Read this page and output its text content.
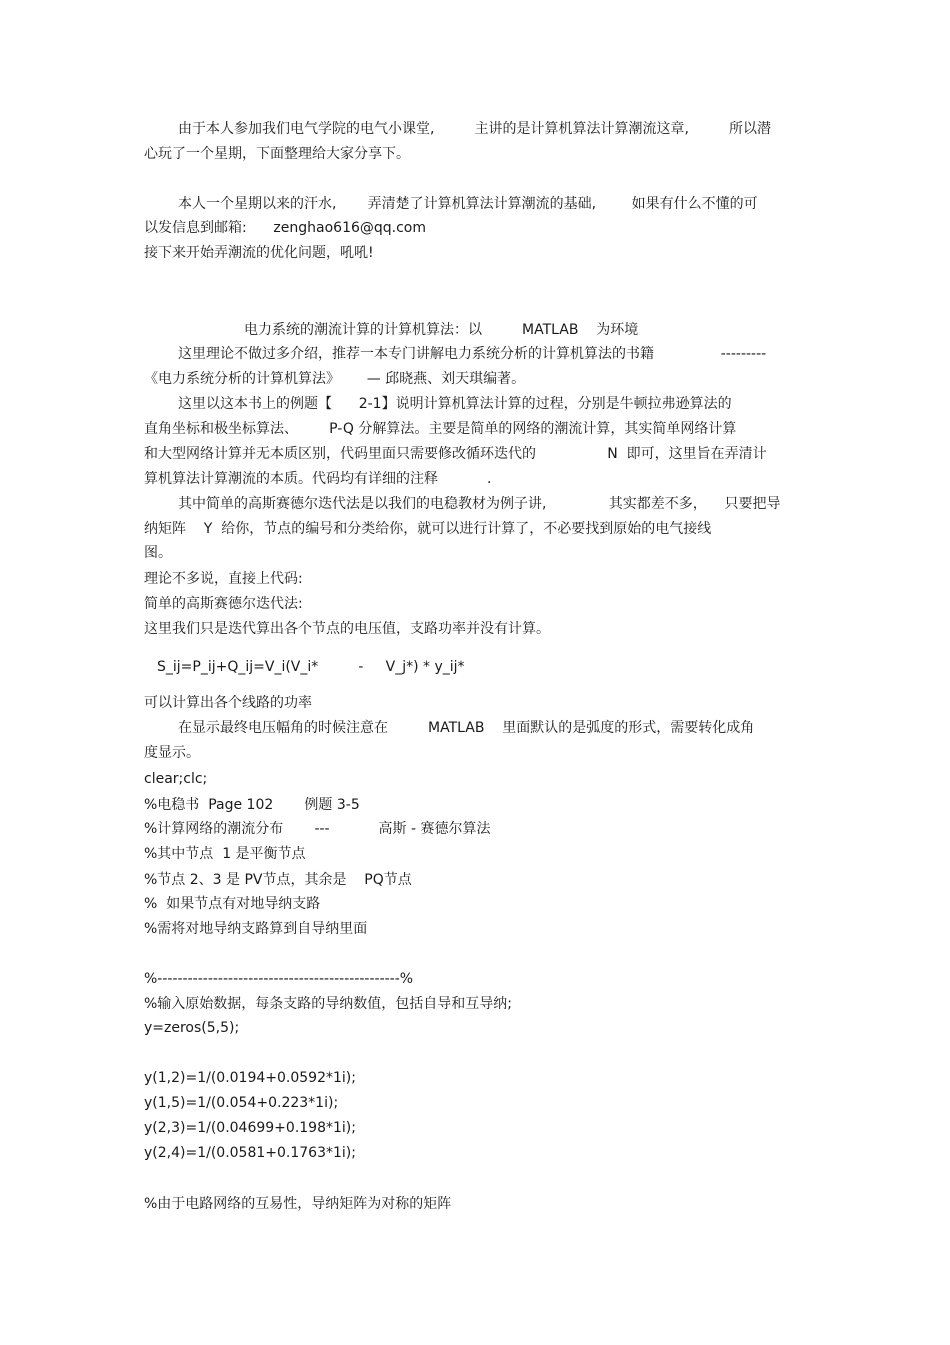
由于本人参加我们电气学院的电气小课堂,         主讲的是计算机算法计算潮流这章,         所以潜

心玩了一个星期，下面整理给大家分享下。

本人一个星期以来的汗水,       弄清楚了计算机算法计算潮流的基础,        如果有什么不懂的可

以发信息到邮箱:      zenghao616@qq.com

接下来开始弄潮流的优化问题，吼吼!

电力系统的潮流计算的计算机算法：以         MATLAB    为环境

这里理论不做过多介绍，推荐一本专门讲解电力系统分析的计算机算法的书籍               ---------

《电力系统分析的计算机算法》      — 邱晓燕、刘天琪编著。

这里以这本书上的例题【      2-1】说明计算机算法计算的过程，分别是牛顿拉弗逊算法的

直角坐标和极坐标算法、       P-Q 分解算法。主要是简单的网络的潮流计算，其实简单网络计算

和大型网络计算并无本质区别，代码里面只需要修改循环迭代的                N  即可，这里旨在弄清计

算机算法计算潮流的本质。代码均有详细的注释           .

其中简单的高斯赛德尔迭代法是以我们的电稳教材为例子讲,              其实都差不多，    只要把导

纳矩阵    Y  给你，节点的编号和分类给你，就可以进行计算了，不必要找到原始的电气接线

图。

理论不多说，直接上代码:

简单的高斯赛德尔迭代法:

这里我们只是迭代算出各个节点的电压值，支路功率并没有计算。

S_ij=P_ij+Q_ij=V_i(V_i*         -     V_j*) * y_ij*

可以计算出各个线路的功率

在显示最终电压幅角的时候注意在         MATLAB    里面默认的是弧度的形式，需要转化成角

度显示。

clear;clc;

%电稳书  Page 102       例题 3-5

%计算网络的潮流分布       ---           高斯 - 赛德尔算法

%其中节点  1 是平衡节点

%节点 2、3 是 PV节点，其余是    PQ节点

%  如果节点有对地导纳支路

%需将对地导纳支路算到自导纳里面

%------------------------------------------------%

%输入原始数据，每条支路的导纳数值，包括自导和互导纳;

y=zeros(5,5);

y(1,2)=1/(0.0194+0.0592*1i);

y(1,5)=1/(0.054+0.223*1i);

y(2,3)=1/(0.04699+0.198*1i);

y(2,4)=1/(0.0581+0.1763*1i);

%由于电路网络的互易性，导纳矩阵为对称的矩阵
